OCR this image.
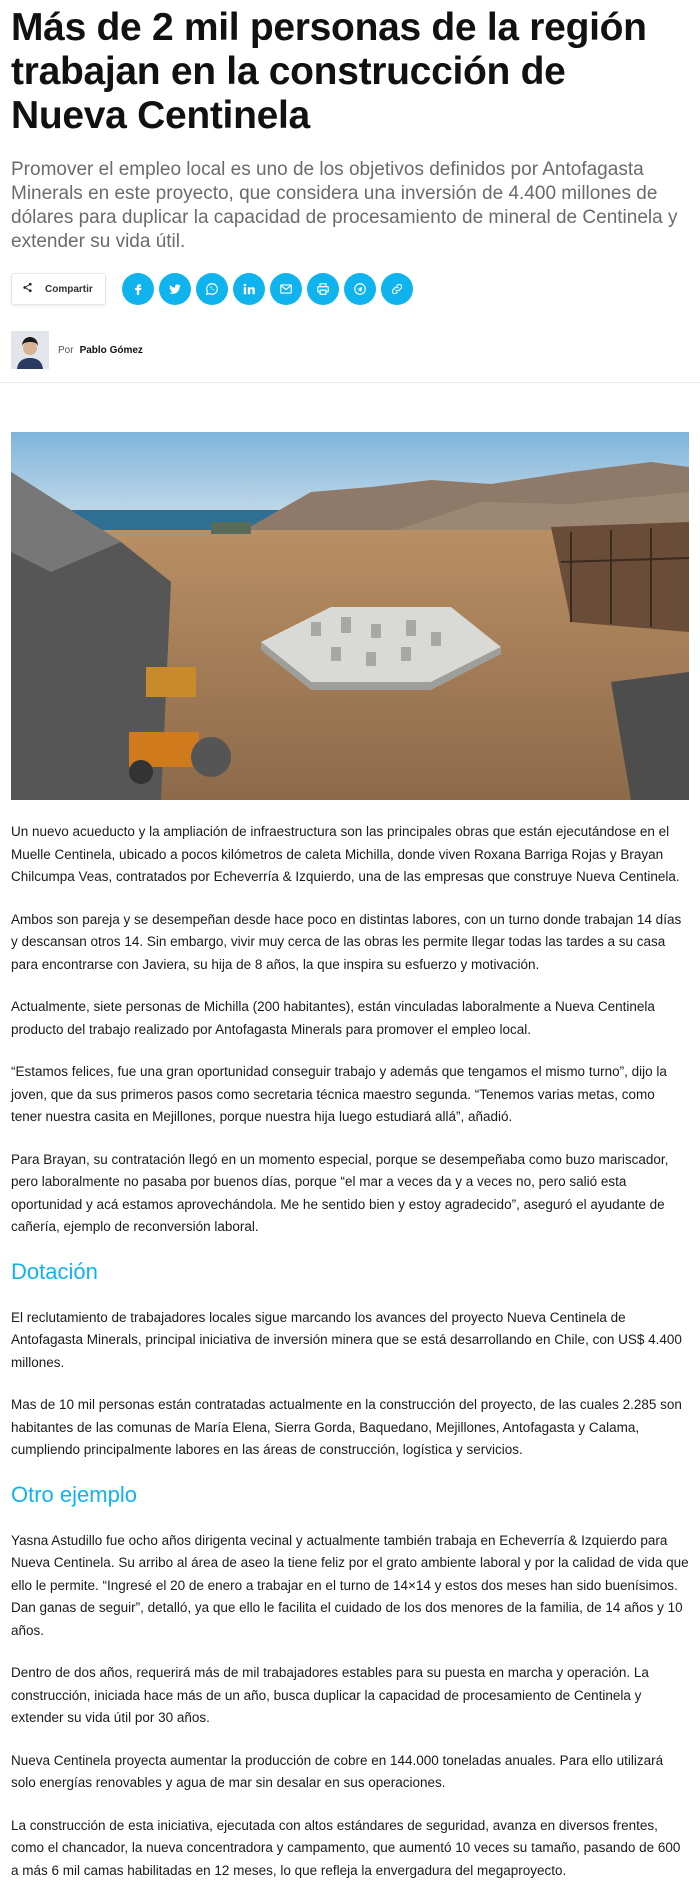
Más de 2 mil personas de la región trabajan en la construcción de Nueva Centinela

Promover el empleo local es uno de los objetivos definidos por Antofagasta Minerals en este proyecto, que considera una inversión de 4.400 millones de dólares para duplicar la capacidad de procesamiento de mineral de Centinela y extender su vida útil.

Compartir
Por Pablo Gómez

Un nuevo acueducto y la ampliación de infraestructura son las principales obras que están ejecutándose en el Muelle Centinela, ubicado a pocos kilómetros de caleta Michilla, donde viven Roxana Barriga Rojas y Brayan Chilcumpa Veas, contratados por Echeverría & Izquierdo, una de las empresas que construye Nueva Centinela.

Ambos son pareja y se desempeñan desde hace poco en distintas labores, con un turno donde trabajan 14 días y descansan otros 14. Sin embargo, vivir muy cerca de las obras les permite llegar todas las tardes a su casa para encontrarse con Javiera, su hija de 8 años, la que inspira su esfuerzo y motivación.

Actualmente, siete personas de Michilla (200 habitantes), están vinculadas laboralmente a Nueva Centinela producto del trabajo realizado por Antofagasta Minerals para promover el empleo local.

“Estamos felices, fue una gran oportunidad conseguir trabajo y además que tengamos el mismo turno”, dijo la joven, que da sus primeros pasos como secretaria técnica maestro segunda. “Tenemos varias metas, como tener nuestra casita en Mejillones, porque nuestra hija luego estudiará allá”, añadió.

Para Brayan, su contratación llegó en un momento especial, porque se desempeñaba como buzo mariscador, pero laboralmente no pasaba por buenos días, porque “el mar a veces da y a veces no, pero salió esta oportunidad y acá estamos aprovechándola. Me he sentido bien y estoy agradecido”, aseguró el ayudante de cañería, ejemplo de reconversión laboral.

Dotación

El reclutamiento de trabajadores locales sigue marcando los avances del proyecto Nueva Centinela de Antofagasta Minerals, principal iniciativa de inversión minera que se está desarrollando en Chile, con US$ 4.400 millones.

Mas de 10 mil personas están contratadas actualmente en la construcción del proyecto, de las cuales 2.285 son habitantes de las comunas de María Elena, Sierra Gorda, Baquedano, Mejillones, Antofagasta y Calama, cumpliendo principalmente labores en las áreas de construcción, logística y servicios.

Otro ejemplo

Yasna Astudillo fue ocho años dirigenta vecinal y actualmente también trabaja en Echeverría & Izquierdo para Nueva Centinela. Su arribo al área de aseo la tiene feliz por el grato ambiente laboral y por la calidad de vida que ello le permite. “Ingresé el 20 de enero a trabajar en el turno de 14×14 y estos dos meses han sido buenísimos. Dan ganas de seguir”, detalló, ya que ello le facilita el cuidado de los dos menores de la familia, de 14 años y 10 años.

Dentro de dos años, requerirá más de mil trabajadores estables para su puesta en marcha y operación. La construcción, iniciada hace más de un año, busca duplicar la capacidad de procesamiento de Centinela y extender su vida útil por 30 años.

Nueva Centinela proyecta aumentar la producción de cobre en 144.000 toneladas anuales. Para ello utilizará solo energías renovables y agua de mar sin desalar en sus operaciones.

La construcción de esta iniciativa, ejecutada con altos estándares de seguridad, avanza en diversos frentes, como el chancador, la nueva concentradora y campamento, que aumentó 10 veces su tamaño, pasando de 600 a más 6 mil camas habilitadas en 12 meses, lo que refleja la envergadura del megaproyecto.
